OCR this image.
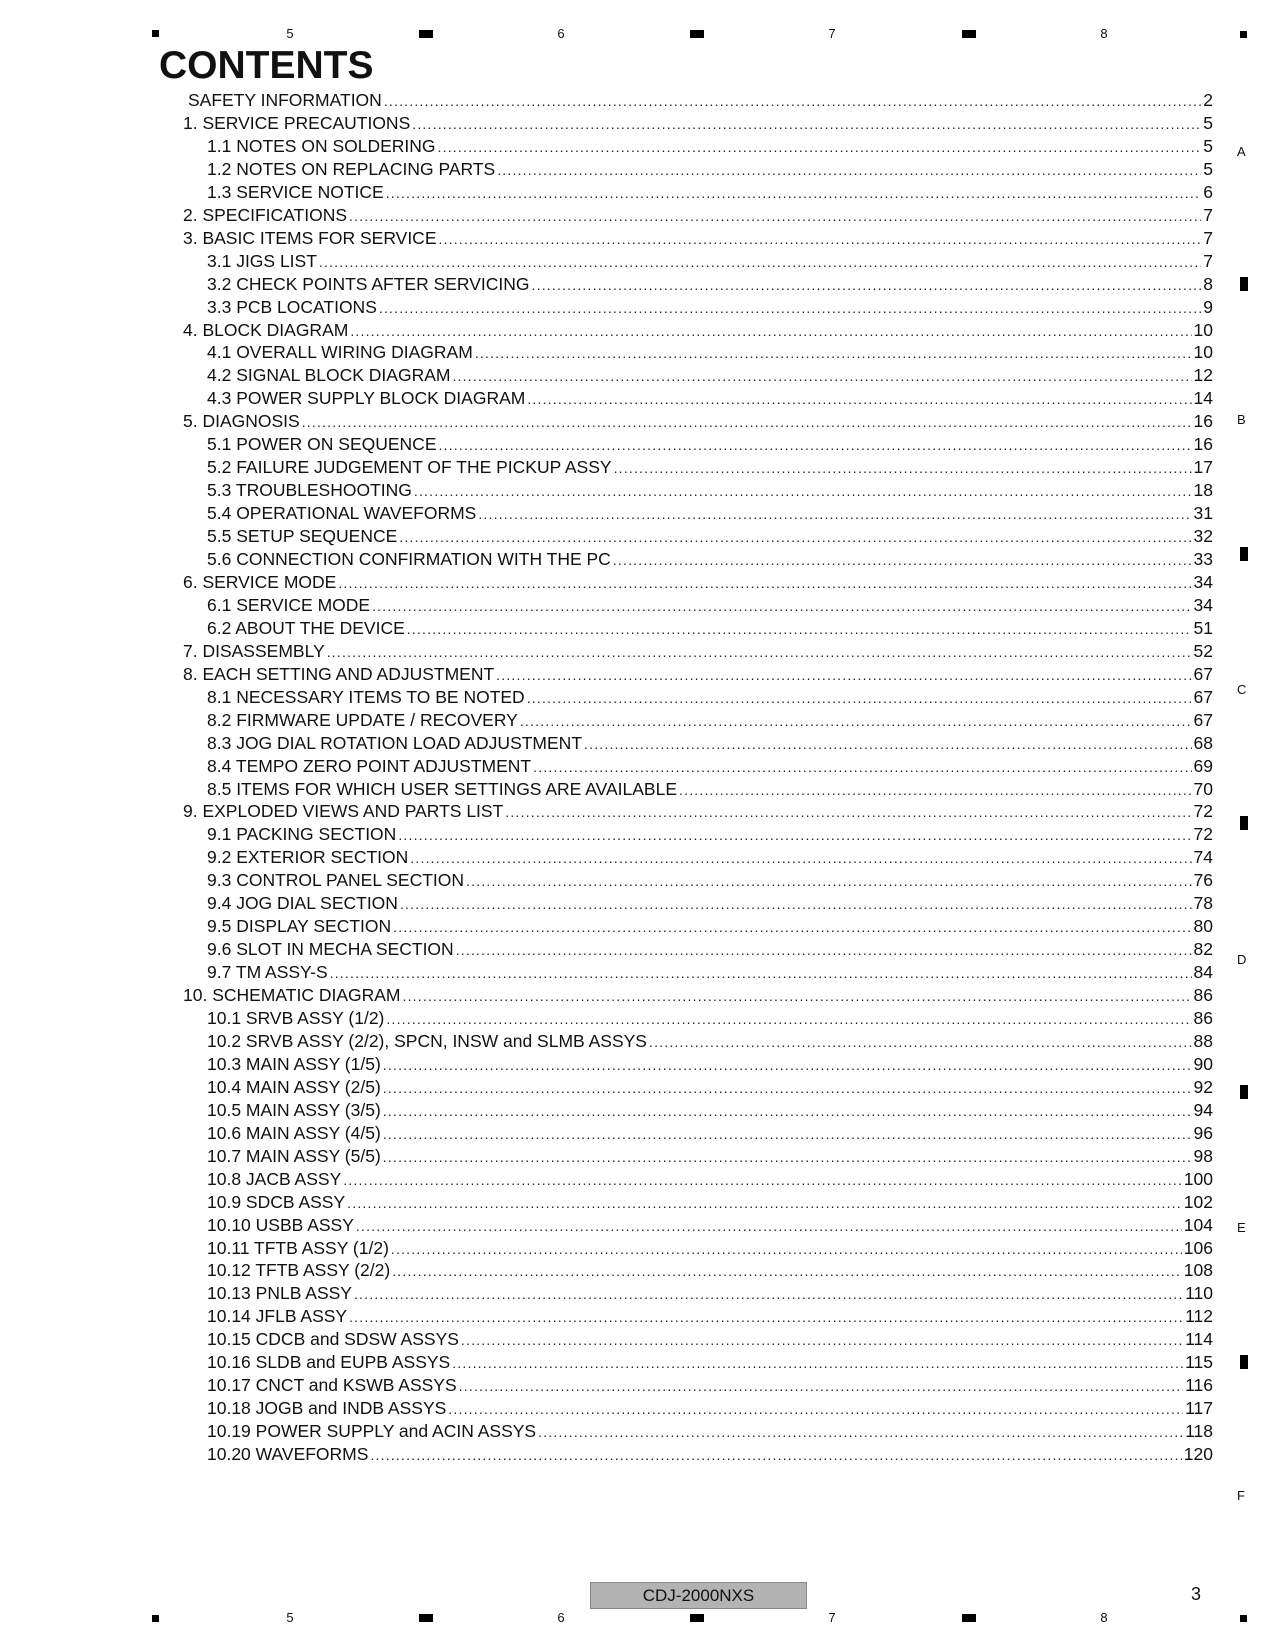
5	6	7	8
A
B
C
D
E
F
CONTENTS
SAFETY INFORMATION .....	2
1. SERVICE PRECAUTIONS .....	5
1.1 NOTES ON SOLDERING .....	5
1.2 NOTES ON REPLACING PARTS .....	5
1.3 SERVICE NOTICE .....	6
2. SPECIFICATIONS .....	7
3. BASIC ITEMS FOR SERVICE .....	7
3.1 JIGS LIST .....	7
3.2 CHECK POINTS AFTER SERVICING .....	8
3.3 PCB LOCATIONS .....	9
4. BLOCK DIAGRAM .....	10
4.1 OVERALL WIRING DIAGRAM .....	10
4.2 SIGNAL BLOCK DIAGRAM .....	12
4.3 POWER SUPPLY BLOCK DIAGRAM .....	14
5. DIAGNOSIS .....	16
5.1 POWER ON SEQUENCE .....	16
5.2 FAILURE JUDGEMENT OF THE PICKUP ASSY .....	17
5.3 TROUBLESHOOTING .....	18
5.4 OPERATIONAL WAVEFORMS .....	31
5.5 SETUP SEQUENCE .....	32
5.6 CONNECTION CONFIRMATION WITH THE PC .....	33
6. SERVICE MODE .....	34
6.1 SERVICE MODE .....	34
6.2 ABOUT THE DEVICE .....	51
7. DISASSEMBLY .....	52
8. EACH SETTING AND ADJUSTMENT .....	67
8.1 NECESSARY ITEMS TO BE NOTED .....	67
8.2 FIRMWARE UPDATE / RECOVERY .....	67
8.3 JOG DIAL ROTATION LOAD ADJUSTMENT .....	68
8.4 TEMPO ZERO POINT ADJUSTMENT .....	69
8.5 ITEMS FOR WHICH USER SETTINGS ARE AVAILABLE .....	70
9. EXPLODED VIEWS AND PARTS LIST .....	72
9.1 PACKING SECTION .....	72
9.2 EXTERIOR SECTION .....	74
9.3 CONTROL PANEL SECTION .....	76
9.4 JOG DIAL SECTION .....	78
9.5 DISPLAY SECTION .....	80
9.6 SLOT IN MECHA SECTION .....	82
9.7 TM ASSY-S .....	84
10. SCHEMATIC DIAGRAM .....	86
10.1 SRVB ASSY (1/2) .....	86
10.2 SRVB ASSY (2/2), SPCN, INSW and SLMB ASSYS .....	88
10.3 MAIN ASSY (1/5) .....	90
10.4 MAIN ASSY (2/5) .....	92
10.5 MAIN ASSY (3/5) .....	94
10.6 MAIN ASSY (4/5) .....	96
10.7 MAIN ASSY (5/5) .....	98
10.8 JACB ASSY .....	100
10.9 SDCB ASSY .....	102
10.10 USBB ASSY .....	104
10.11 TFTB ASSY (1/2) .....	106
10.12 TFTB ASSY (2/2) .....	108
10.13 PNLB ASSY .....	110
10.14 JFLB ASSY .....	112
10.15 CDCB and SDSW ASSYS .....	114
10.16 SLDB and EUPB ASSYS .....	115
10.17 CNCT and KSWB ASSYS .....	116
10.18 JOGB and INDB ASSYS .....	117
10.19 POWER SUPPLY and ACIN ASSYS .....	118
10.20 WAVEFORMS .....	120
CDJ-2000NXS	3
5	6	7	8
